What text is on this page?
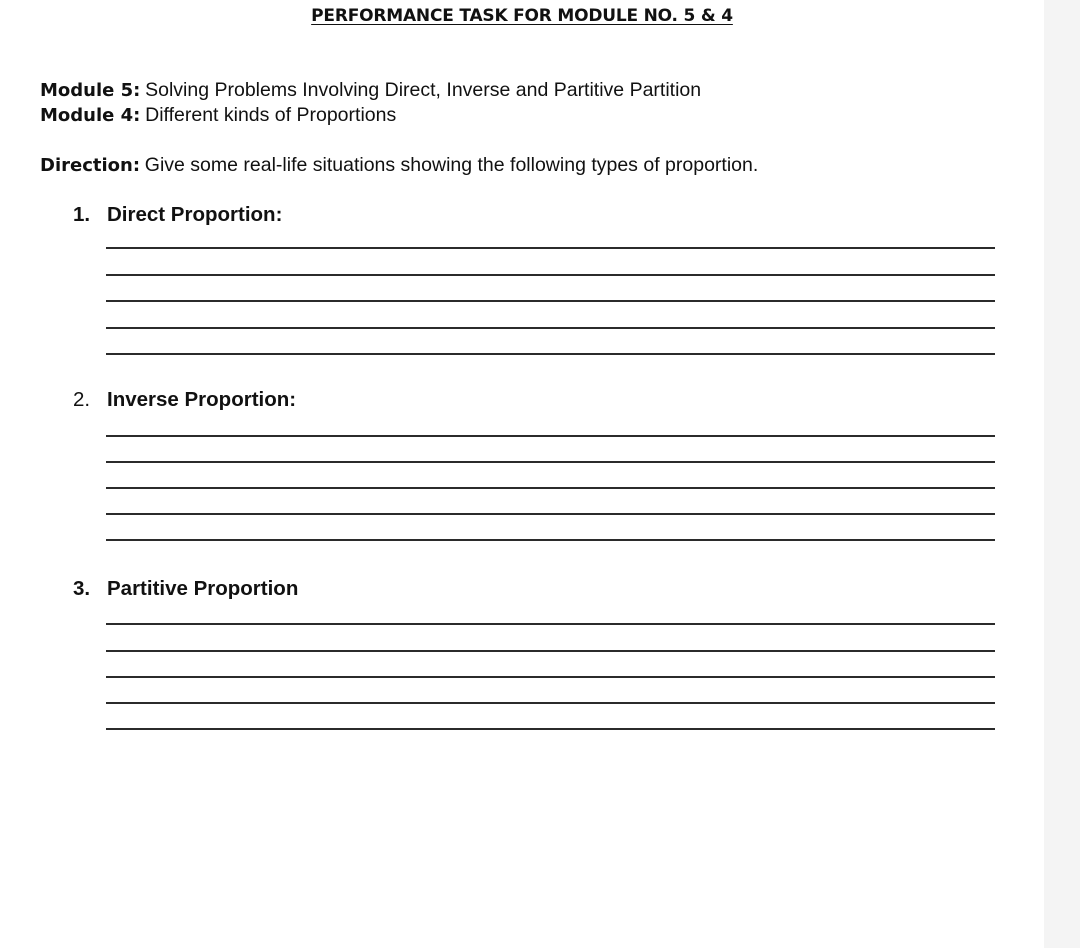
PERFORMANCE TASK FOR MODULE NO. 5 & 4
Module 5: Solving Problems Involving Direct, Inverse and Partitive Partition
Module 4: Different kinds of Proportions
Direction: Give some real-life situations showing the following types of proportion.
1. Direct Proportion:
2. Inverse Proportion:
3. Partitive Proportion
